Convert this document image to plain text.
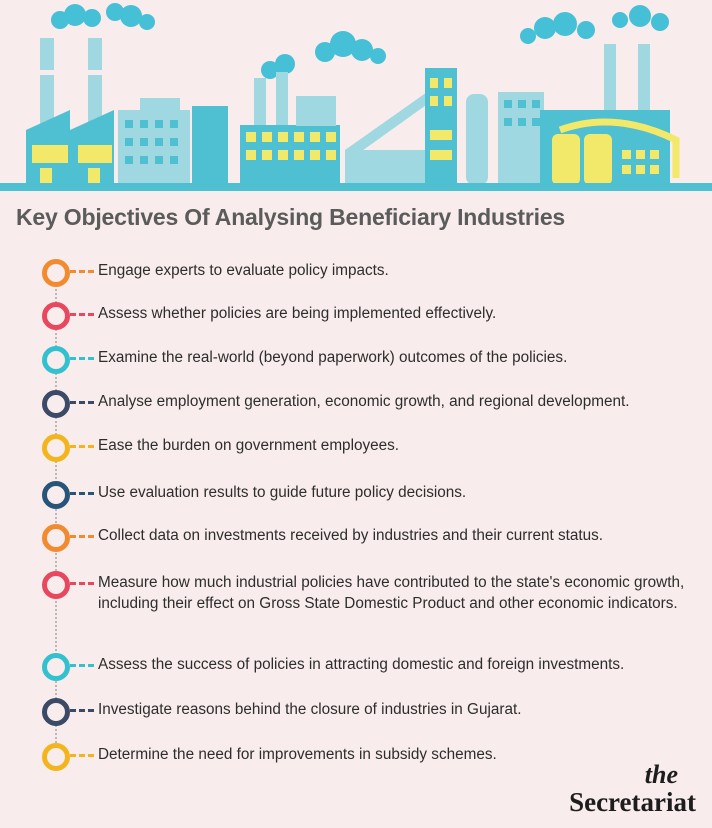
Key Objectives Of Analysing Beneficiary Industries
Engage experts to evaluate policy impacts.
Assess whether policies are being implemented effectively.
Examine the real-world (beyond paperwork) outcomes of the policies.
Analyse employment generation, economic growth, and regional development.
Ease the burden on government employees.
Use evaluation results to guide future policy decisions.
Collect data on investments received by industries and their current status.
Measure how much industrial policies have contributed to the state's economic growth, including their effect on Gross State Domestic Product and other economic indicators.
Assess the success of policies in attracting domestic and foreign investments.
Investigate reasons behind the closure of industries in Gujarat.
Determine the need for improvements in subsidy schemes.
the
Secretariat
